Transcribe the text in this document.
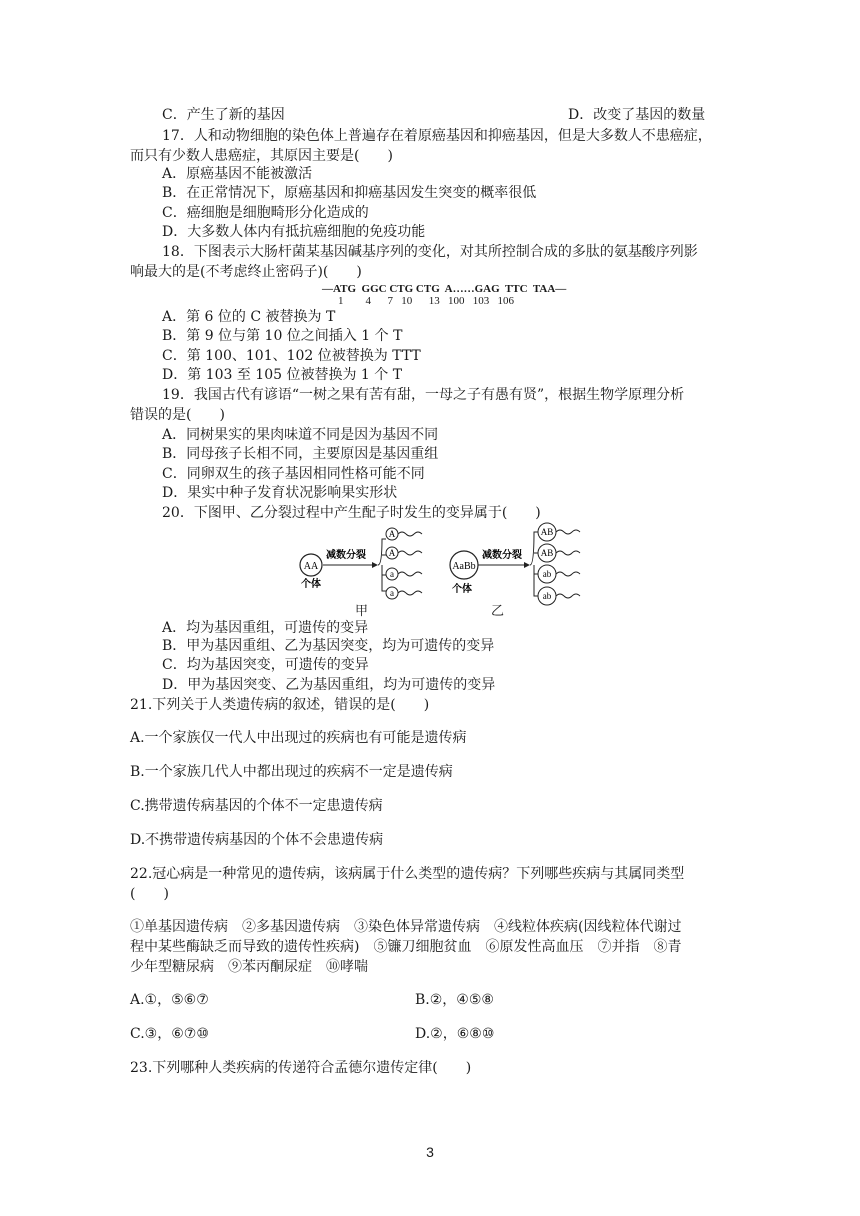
C．产生了新的基因	D．改变了基因的数量
17．人和动物细胞的染色体上普遍存在着原癌基因和抑癌基因，但是大多数人不患癌症，
而只有少数人患癌症，其原因主要是(　　)
A．原癌基因不能被激活
B．在正常情况下，原癌基因和抑癌基因发生突变的概率很低
C．癌细胞是细胞畸形分化造成的
D．大多数人体内有抵抗癌细胞的免疫功能
18．下图表示大肠杆菌某基因碱基序列的变化，对其所控制合成的多肽的氨基酸序列影
响最大的是(不考虑终止密码子)(　　)
—ATG  GGC CTG CTG  A……GAG  TTC  TAA—
1        4      7   10      13   100   103   106
A．第 6 位的 C 被替换为 T
B．第 9 位与第 10 位之间插入 1 个 T
C．第 100、101、102 位被替换为 TTT
D．第 103 至 105 位被替换为 1 个 T
19．我国古代有谚语“一树之果有苦有甜，一母之子有愚有贤”，根据生物学原理分析
错误的是(　　)
A．同树果实的果肉味道不同是因为基因不同
B．同母孩子长相不同，主要原因是基因重组
C．同卵双生的孩子基因相同性格可能不同
D．果实中种子发育状况影响果实形状
20．下图甲、乙分裂过程中产生配子时发生的变异属于(　　)
AA
减数分裂
个体
A
A
a
a
甲
AaBb
减数分裂
个体
AB
AB
ab
ab
乙
A．均为基因重组，可遗传的变异
B．甲为基因重组、乙为基因突变，均为可遗传的变异
C．均为基因突变，可遗传的变异
D．甲为基因突变、乙为基因重组，均为可遗传的变异
21.下列关于人类遗传病的叙述，错误的是(　　)
A.一个家族仅一代人中出现过的疾病也有可能是遗传病
B.一个家族几代人中都出现过的疾病不一定是遗传病
C.携带遗传病基因的个体不一定患遗传病
D.不携带遗传病基因的个体不会患遗传病
22.冠心病是一种常见的遗传病，该病属于什么类型的遗传病？下列哪些疾病与其属同类型
(　　)
①单基因遗传病　②多基因遗传病　③染色体异常遗传病　④线粒体疾病(因线粒体代谢过
程中某些酶缺乏而导致的遗传性疾病)　⑤镰刀细胞贫血　⑥原发性高血压　⑦并指　⑧青
少年型糖尿病　⑨苯丙酮尿症　⑩哮喘
A.①，⑤⑥⑦	B.②，④⑤⑧
C.③，⑥⑦⑩	D.②，⑥⑧⑩
23.下列哪种人类疾病的传递符合孟德尔遗传定律(　　)
3
